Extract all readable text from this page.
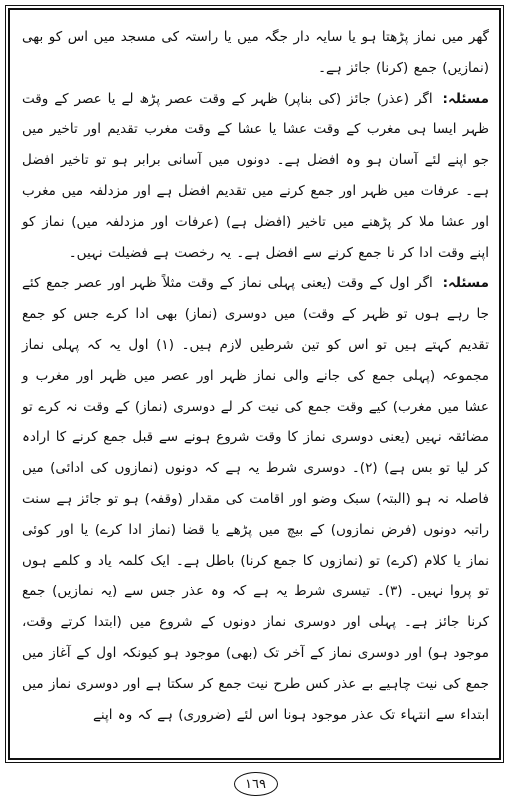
گھر میں نماز پڑھتا ہو یا سایہ دار جگہ میں یا راستہ کی مسجد میں اس کو بھی (نمازیں) جمع (کرنا) جائز ہے۔

مسئلہ: اگر (عذر) جائز (کی بناپر) ظہر کے وقت عصر پڑھ لے یا عصر کے وقت ظہر ایسا ہی مغرب کے وقت عشا یا عشا کے وقت مغرب تقدیم اور تاخیر میں جو اپنے لئے آسان ہو وہ افضل ہے۔ دونوں میں آسانی برابر ہو تو تاخیر افضل ہے۔ عرفات میں ظہر اور جمع کرنے میں تقدیم افضل ہے اور مزدلفہ میں مغرب اور عشا ملا کر پڑھنے میں تاخیر (افضل ہے) (عرفات اور مزدلفہ میں) نماز کو اپنے وقت ادا کر نا جمع کرنے سے افضل ہے۔ یہ رخصت ہے فضیلت نہیں۔

مسئلہ: اگر اول کے وقت (یعنی پہلی نماز کے وقت مثلاً ظہر اور عصر جمع کئے جا رہے ہوں تو ظہر کے وقت) میں دوسری (نماز) بھی ادا کرے جس کو جمع تقدیم کہتے ہیں تو اس کو تین شرطیں لازم ہیں۔ (۱) اول یہ کہ پہلی نماز مجموعہ (پہلی جمع کی جانے والی نماز ظہر اور عصر میں ظہر اور مغرب و عشا میں مغرب) کیے وقت جمع کی نیت کر لے دوسری (نماز) کے وقت نہ کرے تو مضائقہ نہیں (یعنی دوسری نماز کا وقت شروع ہونے سے قبل جمع کرنے کا ارادہ کر لیا تو بس ہے) (۲)۔ دوسری شرط یہ ہے کہ دونوں (نمازوں کی ادائی) میں فاصلہ نہ ہو (البتہ) سبک وضو اور اقامت کی مقدار (وقفہ) ہو تو جائز ہے سنت راتبہ دونوں (فرض نمازوں) کے بیچ میں پڑھے یا قضا (نماز ادا کرے) یا اور کوئی نماز یا کلام (کرے) تو (نمازوں کا جمع کرنا) باطل ہے۔ ایک کلمہ یاد و کلمے ہوں تو پروا نہیں۔ (۳)۔ تیسری شرط یہ ہے کہ وہ عذر جس سے (یہ نمازیں) جمع کرنا جائز ہے۔ پہلی اور دوسری نماز دونوں کے شروع میں (ابتدا کرتے وقت، موجود ہو) اور دوسری نماز کے آخر تک (بھی) موجود ہو کیونکہ اول کے آغاز میں جمع کی نیت چاہیے بے عذر کس طرح نیت جمع کر سکتا ہے اور دوسری نماز میں ابتداء سے انتہاء تک عذر موجود ہونا اس لئے (ضروری) ہے کہ وہ اپنے

١٦٩
